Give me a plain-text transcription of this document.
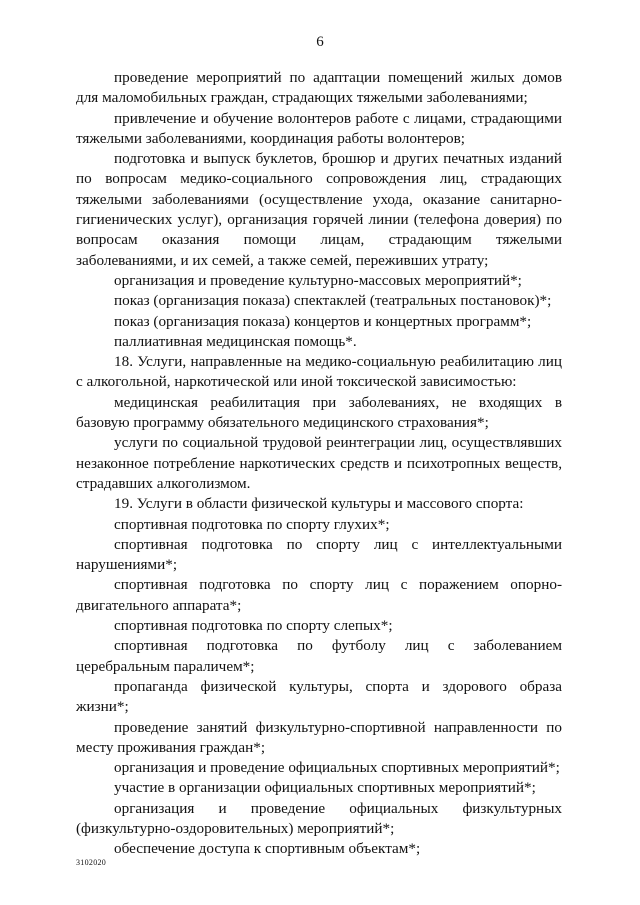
6

проведение мероприятий по адаптации помещений жилых домов для маломобильных граждан, страдающих тяжелыми заболеваниями;

привлечение и обучение волонтеров работе с лицами, страдающими тяжелыми заболеваниями, координация работы волонтеров;

подготовка и выпуск буклетов, брошюр и других печатных изданий по вопросам медико-социального сопровождения лиц, страдающих тяжелыми заболеваниями (осуществление ухода, оказание санитарно-гигиенических услуг), организация горячей линии (телефона доверия) по вопросам оказания помощи лицам, страдающим тяжелыми заболеваниями, и их семей, а также семей, переживших утрату;

организация и проведение культурно-массовых мероприятий*;

показ (организация показа) спектаклей (театральных постановок)*;

показ (организация показа) концертов и концертных программ*;

паллиативная медицинская помощь*.

18. Услуги, направленные на медико-социальную реабилитацию лиц с алкогольной, наркотической или иной токсической зависимостью:

медицинская реабилитация при заболеваниях, не входящих в базовую программу обязательного медицинского страхования*;

услуги по социальной трудовой реинтеграции лиц, осуществлявших незаконное потребление наркотических средств и психотропных веществ, страдавших алкоголизмом.

19. Услуги в области физической культуры и массового спорта:

спортивная подготовка по спорту глухих*;

спортивная подготовка по спорту лиц с интеллектуальными нарушениями*;

спортивная подготовка по спорту лиц с поражением опорно-двигательного аппарата*;

спортивная подготовка по спорту слепых*;

спортивная подготовка по футболу лиц с заболеванием церебральным параличем*;

пропаганда физической культуры, спорта и здорового образа жизни*;

проведение занятий физкультурно-спортивной направленности по месту проживания граждан*;

организация и проведение официальных спортивных мероприятий*;

участие в организации официальных спортивных мероприятий*;

организация и проведение официальных физкультурных (физкультурно-оздоровительных) мероприятий*;

обеспечение доступа к спортивным объектам*;

3102020
